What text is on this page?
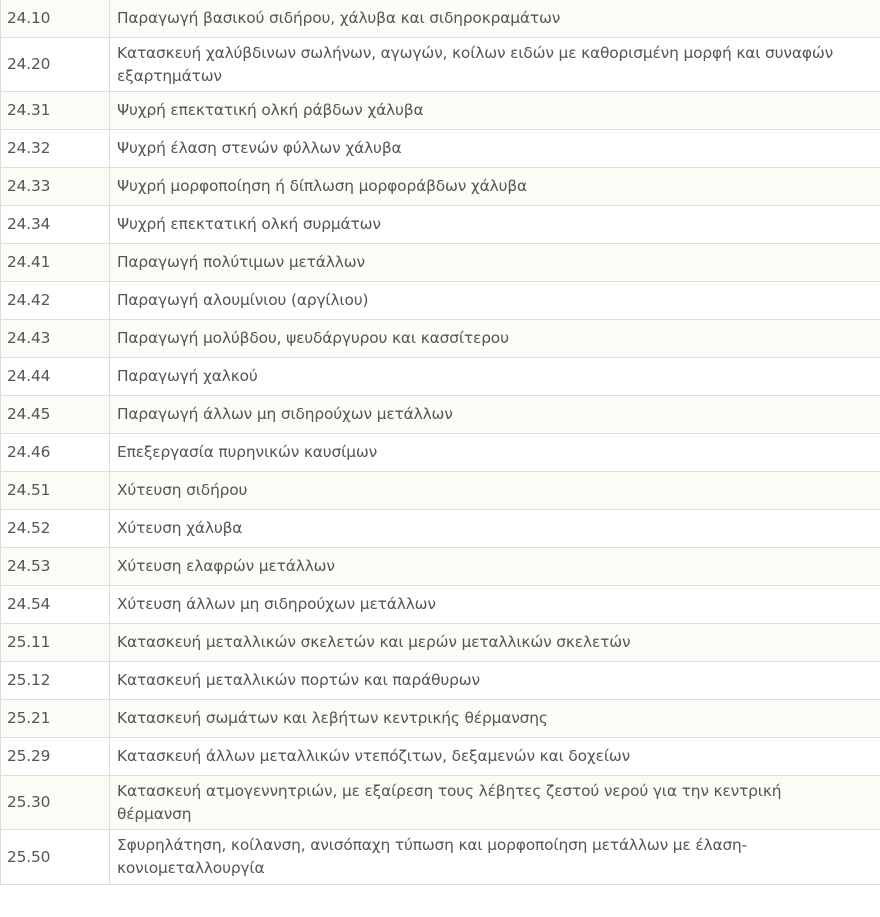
24.10	Παραγωγή βασικού σιδήρου, χάλυβα και σιδηροκραμάτων
24.20	Κατασκευή χαλύβδινων σωλήνων, αγωγών, κοίλων ειδών με καθορισμένη μορφή και συναφών εξαρτημάτων
24.31	Ψυχρή επεκτατική ολκή ράβδων χάλυβα
24.32	Ψυχρή έλαση στενών φύλλων χάλυβα
24.33	Ψυχρή μορφοποίηση ή δίπλωση μορφοράβδων χάλυβα
24.34	Ψυχρή επεκτατική ολκή συρμάτων
24.41	Παραγωγή πολύτιμων μετάλλων
24.42	Παραγωγή αλουμίνιου (αργίλιου)
24.43	Παραγωγή μολύβδου, ψευδάργυρου και κασσίτερου
24.44	Παραγωγή χαλκού
24.45	Παραγωγή άλλων μη σιδηρούχων μετάλλων
24.46	Επεξεργασία πυρηνικών καυσίμων
24.51	Χύτευση σιδήρου
24.52	Χύτευση χάλυβα
24.53	Χύτευση ελαφρών μετάλλων
24.54	Χύτευση άλλων μη σιδηρούχων μετάλλων
25.11	Κατασκευή μεταλλικών σκελετών και μερών μεταλλικών σκελετών
25.12	Κατασκευή μεταλλικών πορτών και παράθυρων
25.21	Κατασκευή σωμάτων και λεβήτων κεντρικής θέρμανσης
25.29	Κατασκευή άλλων μεταλλικών ντεπόζιτων, δεξαμενών και δοχείων
25.30	Κατασκευή ατμογεννητριών, με εξαίρεση τους λέβητες ζεστού νερού για την κεντρική θέρμανση
25.50	Σφυρηλάτηση, κοίλανση, ανισόπαχη τύπωση και μορφοποίηση μετάλλων με έλαση-κονιομεταλλουργία
